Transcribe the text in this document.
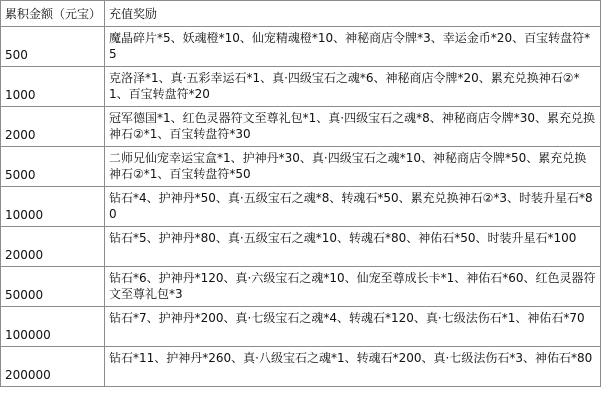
累积金额（元宝）	充值奖励
500	魔晶碎片*5、妖魂橙*10、仙宠精魂橙*10、神秘商店令牌*3、幸运金币*20、百宝转盘符*5
1000	克洛泽*1、真·五彩幸运石*1、真·四级宝石之魂*6、神秘商店令牌*20、累充兑换神石②*1、百宝转盘符*20
2000	冠军德国*1、红色灵器符文至尊礼包*1、真·四级宝石之魂*8、神秘商店令牌*30、累充兑换神石②*1、百宝转盘符*30
5000	二师兄仙宠幸运宝盒*1、护神丹*30、真·四级宝石之魂*10、神秘商店令牌*50、累充兑换神石②*1、百宝转盘符*50
10000	钻石*4、护神丹*50、真·五级宝石之魂*8、转魂石*50、累充兑换神石②*3、时装升星石*80
20000	钻石*5、护神丹*80、真·五级宝石之魂*10、转魂石*80、神佑石*50、时装升星石*100
50000	钻石*6、护神丹*120、真·六级宝石之魂*10、仙宠至尊成长卡*1、神佑石*60、红色灵器符文至尊礼包*3
100000	钻石*7、护神丹*200、真·七级宝石之魂*4、转魂石*120、真·七级法伤石*1、神佑石*70
200000	钻石*11、护神丹*260、真·八级宝石之魂*1、转魂石*200、真·七级法伤石*3、神佑石*80
